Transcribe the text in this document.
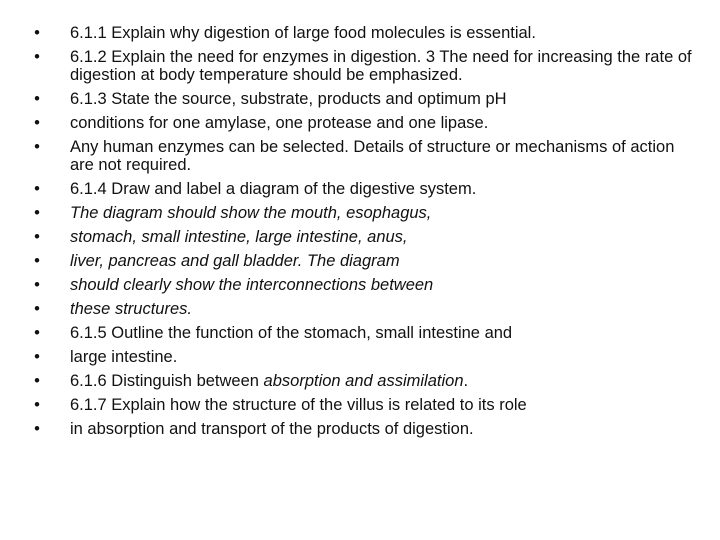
• 6.1.1 Explain why digestion of large food molecules is essential.
• 6.1.2 Explain the need for enzymes in digestion. 3 The need for increasing the rate of digestion at body temperature should be emphasized.
• 6.1.3 State the source, substrate, products and optimum pH
• conditions for one amylase, one protease and one lipase.
• Any human enzymes can be selected. Details of structure or mechanisms of action are not required.
• 6.1.4 Draw and label a diagram of the digestive system.
• The diagram should show the mouth, esophagus,
• stomach, small intestine, large intestine, anus,
• liver, pancreas and gall bladder. The diagram
• should clearly show the interconnections between
• these structures.
• 6.1.5 Outline the function of the stomach, small intestine and
• large intestine.
• 6.1.6 Distinguish between absorption and assimilation.
• 6.1.7 Explain how the structure of the villus is related to its role
• in absorption and transport of the products of digestion.
